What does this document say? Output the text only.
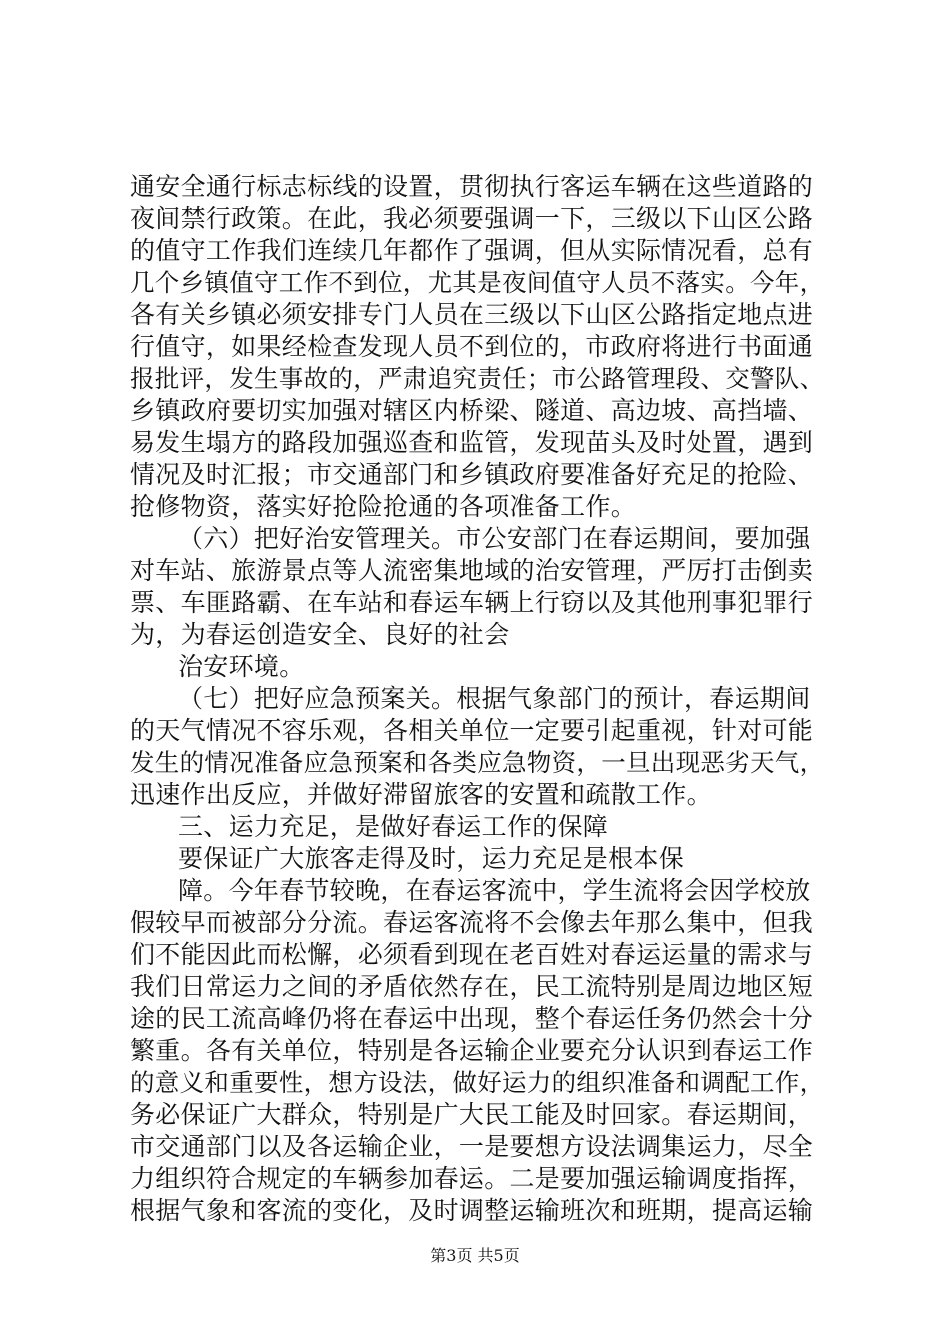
通安全通行标志标线的设置，贯彻执行客运车辆在这些道路的
夜间禁行政策。在此，我必须要强调一下，三级以下山区公路
的值守工作我们连续几年都作了强调，但从实际情况看，总有
几个乡镇值守工作不到位，尤其是夜间值守人员不落实。今年，
各有关乡镇必须安排专门人员在三级以下山区公路指定地点进
行值守，如果经检查发现人员不到位的，市政府将进行书面通
报批评，发生事故的，严肃追究责任；市公路管理段、交警队、
乡镇政府要切实加强对辖区内桥梁、隧道、高边坡、高挡墙、
易发生塌方的路段加强巡查和监管，发现苗头及时处置，遇到
情况及时汇报；市交通部门和乡镇政府要准备好充足的抢险、
抢修物资，落实好抢险抢通的各项准备工作。
（六）把好治安管理关。市公安部门在春运期间，要加强
对车站、旅游景点等人流密集地域的治安管理，严厉打击倒卖
票、车匪路霸、在车站和春运车辆上行窃以及其他刑事犯罪行
为，为春运创造安全、良好的社会
治安环境。
（七）把好应急预案关。根据气象部门的预计，春运期间
的天气情况不容乐观，各相关单位一定要引起重视，针对可能
发生的情况准备应急预案和各类应急物资，一旦出现恶劣天气，
迅速作出反应，并做好滞留旅客的安置和疏散工作。
三、运力充足，是做好春运工作的保障
要保证广大旅客走得及时，运力充足是根本保
障。今年春节较晚，在春运客流中，学生流将会因学校放
假较早而被部分分流。春运客流将不会像去年那么集中，但我
们不能因此而松懈，必须看到现在老百姓对春运运量的需求与
我们日常运力之间的矛盾依然存在，民工流特别是周边地区短
途的民工流高峰仍将在春运中出现，整个春运任务仍然会十分
繁重。各有关单位，特别是各运输企业要充分认识到春运工作
的意义和重要性，想方设法，做好运力的组织准备和调配工作，
务必保证广大群众，特别是广大民工能及时回家。春运期间，
市交通部门以及各运输企业，一是要想方设法调集运力，尽全
力组织符合规定的车辆参加春运。二是要加强运输调度指挥，
根据气象和客流的变化，及时调整运输班次和班期，提高运输
第3页 共5页
